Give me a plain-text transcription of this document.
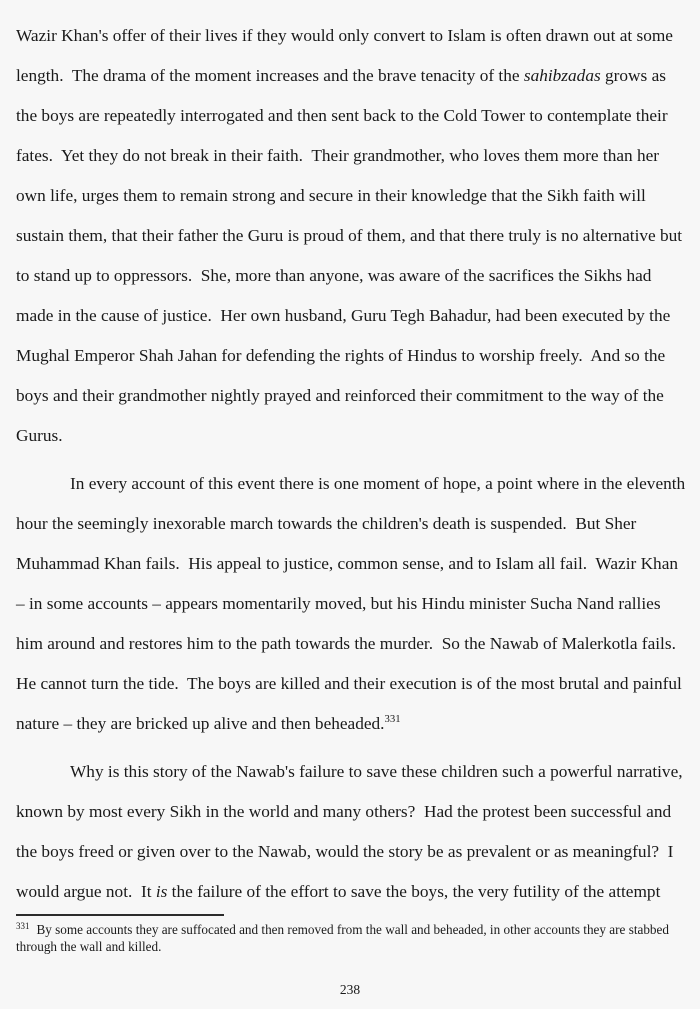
Wazir Khan's offer of their lives if they would only convert to Islam is often drawn out at some
length.  The drama of the moment increases and the brave tenacity of the sahibzadas grows as
the boys are repeatedly interrogated and then sent back to the Cold Tower to contemplate their
fates.  Yet they do not break in their faith.  Their grandmother, who loves them more than her
own life, urges them to remain strong and secure in their knowledge that the Sikh faith will
sustain them, that their father the Guru is proud of them, and that there truly is no alternative but
to stand up to oppressors.  She, more than anyone, was aware of the sacrifices the Sikhs had
made in the cause of justice.  Her own husband, Guru Tegh Bahadur, had been executed by the
Mughal Emperor Shah Jahan for defending the rights of Hindus to worship freely.  And so the
boys and their grandmother nightly prayed and reinforced their commitment to the way of the
Gurus.
In every account of this event there is one moment of hope, a point where in the eleventh
hour the seemingly inexorable march towards the children's death is suspended.  But Sher
Muhammad Khan fails.  His appeal to justice, common sense, and to Islam all fail.  Wazir Khan
– in some accounts – appears momentarily moved, but his Hindu minister Sucha Nand rallies
him around and restores him to the path towards the murder.  So the Nawab of Malerkotla fails.
He cannot turn the tide.  The boys are killed and their execution is of the most brutal and painful
nature – they are bricked up alive and then beheaded.$^{331}$
Why is this story of the Nawab's failure to save these children such a powerful narrative,
known by most every Sikh in the world and many others?  Had the protest been successful and
the boys freed or given over to the Nawab, would the story be as prevalent or as meaningful?  I
would argue not.  It is the failure of the effort to save the boys, the very futility of the attempt
$^{331}$ By some accounts they are suffocated and then removed from the wall and beheaded, in other accounts they are stabbed through the wall and killed.
238
